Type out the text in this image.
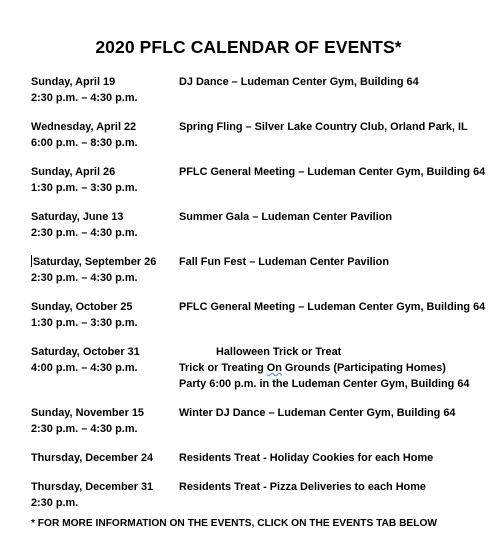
2020 PFLC CALENDAR OF EVENTS*
Sunday, April 19
2:30 p.m. – 4:30 p.m.
DJ Dance – Ludeman Center Gym, Building 64
Wednesday, April 22
6:00 p.m. – 8:30 p.m.
Spring Fling – Silver Lake Country Club, Orland Park, IL
Sunday, April 26
1:30 p.m. – 3:30 p.m.
PFLC General Meeting – Ludeman Center Gym, Building 64
Saturday, June 13
2:30 p.m. – 4:30 p.m.
Summer Gala – Ludeman Center Pavilion
Saturday, September 26
2:30 p.m. – 4:30 p.m.
Fall Fun Fest – Ludeman Center Pavilion
Sunday, October 25
1:30 p.m. – 3:30 p.m.
PFLC General Meeting – Ludeman Center Gym, Building 64
Saturday, October 31
4:00 p.m. – 4:30 p.m.
Halloween Trick or Treat
Trick or Treating On Grounds (Participating Homes)
Party 6:00 p.m. in the Ludeman Center Gym, Building 64
Sunday, November 15
2:30 p.m. – 4:30 p.m.
Winter DJ Dance – Ludeman Center Gym, Building 64
Thursday, December 24	Residents Treat - Holiday Cookies for each Home
Thursday, December 31
2:30 p.m.
Residents Treat - Pizza Deliveries to each Home
* FOR MORE INFORMATION ON THE EVENTS, CLICK ON THE EVENTS TAB BELOW
